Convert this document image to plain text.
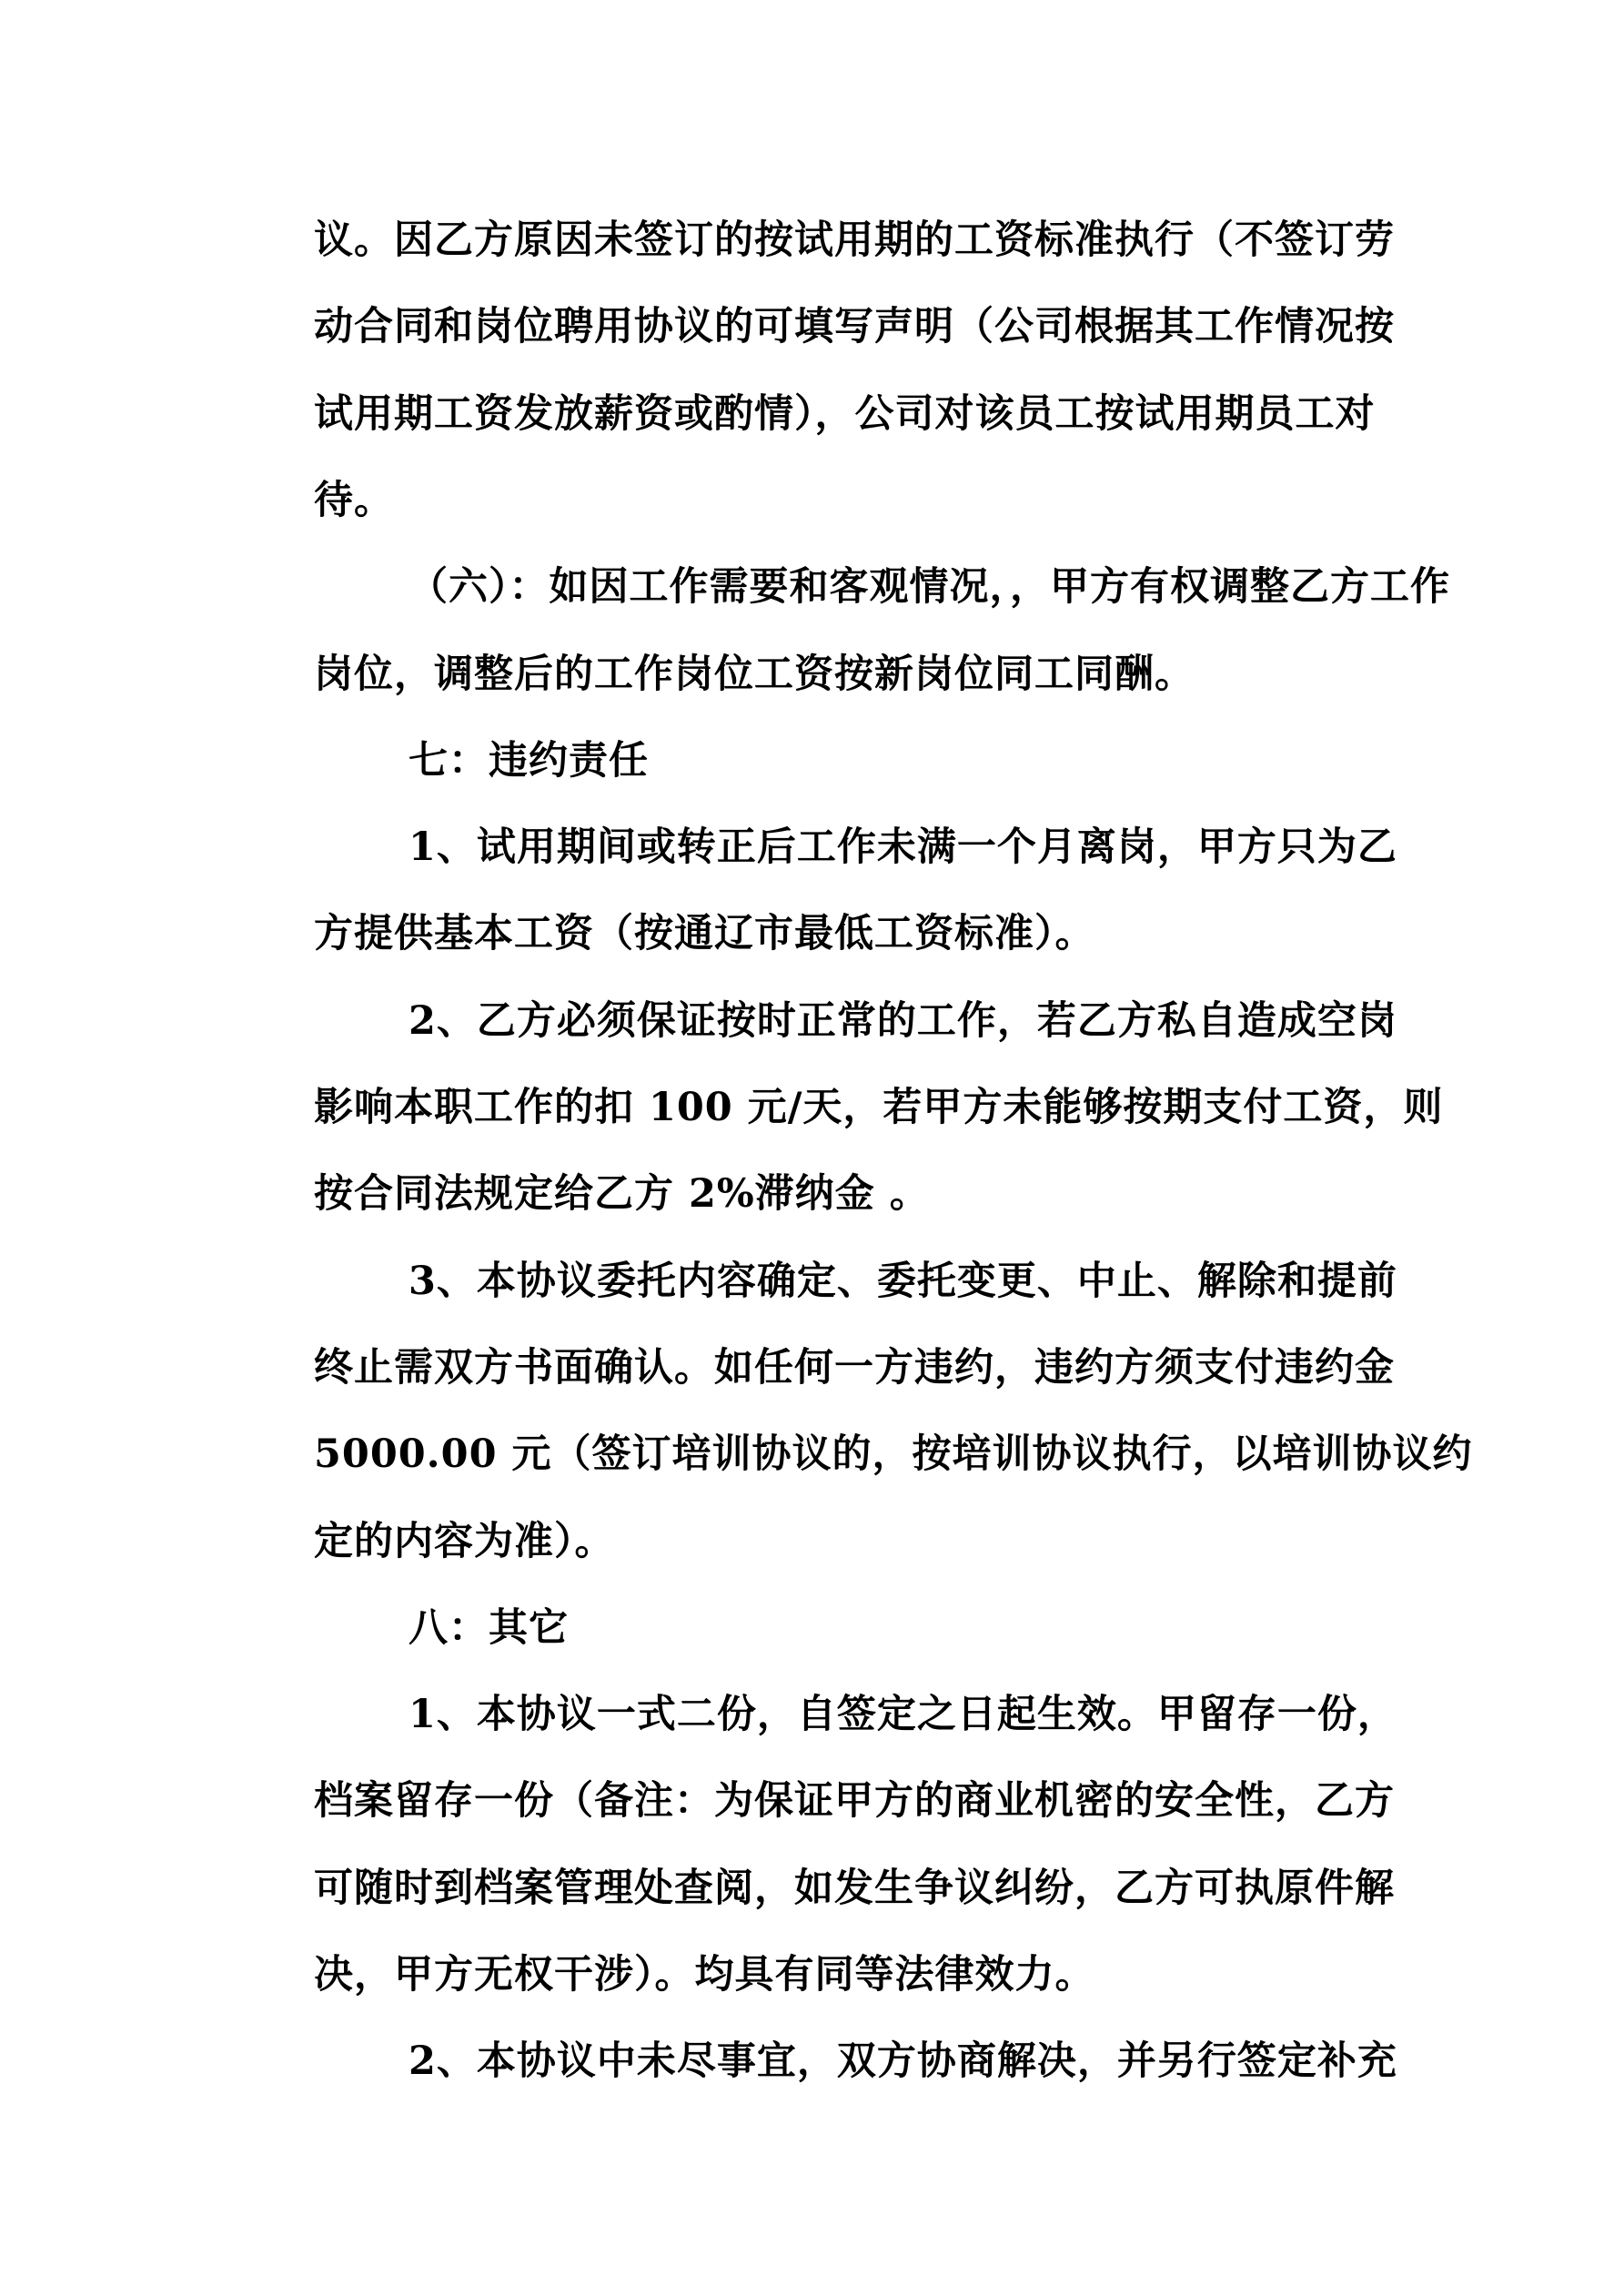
议。因乙方原因未签订的按试用期的工资标准执行（不签订劳
动合同和岗位聘用协议的可填写声明（公司根据其工作情况按
试用期工资发放薪资或酌情），公司对该员工按试用期员工对
待。
（六）：如因工作需要和客观情况，，甲方有权调整乙方工作
岗位，调整后的工作岗位工资按新岗位同工同酬。
七：违约责任
1、试用期间或转正后工作未满一个月离岗，甲方只为乙
方提供基本工资（按通辽市最低工资标准）。
2、乙方必须保证按时正常的工作，若乙方私自造成空岗
影响本职工作的扣 100 元/天，若甲方未能够按期支付工资，则
按合同法规定给乙方 2%滞纳金 。
3、本协议委托内容确定、委托变更、中止、解除和提前
终止需双方书面确认。如任何一方违约，违约方须支付违约金
5000.00 元（签订培训协议的，按培训协议执行，以培训协议约
定的内容为准）。
八：其它
1、本协议一式二份，自签定之日起生效。甲留存一份，
档案留存一份（备注：为保证甲方的商业机密的安全性，乙方
可随时到档案管理处查阅，如发生争议纠纷，乙方可执原件解
决，甲方无权干涉）。均具有同等法律效力。
2、本协议中未尽事宜，双方协商解决，并另行签定补充
